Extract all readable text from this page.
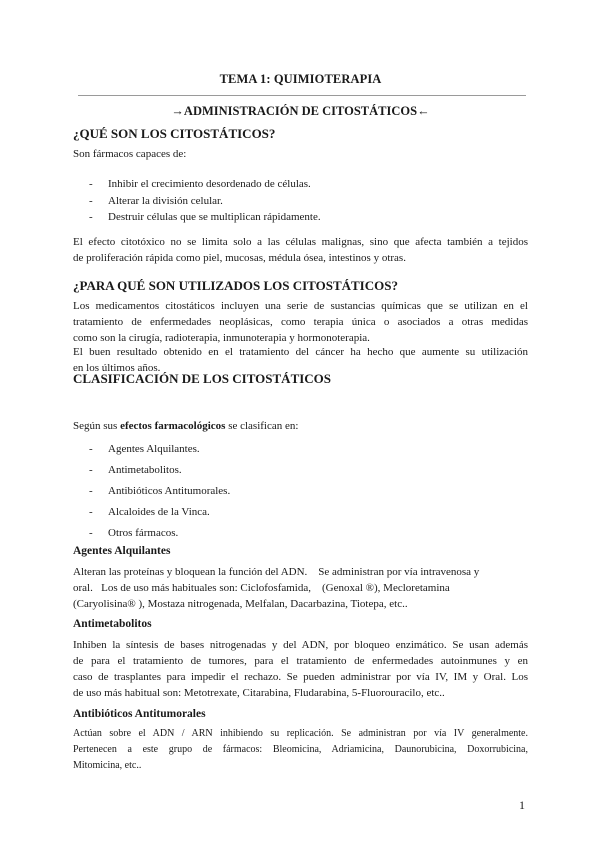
TEMA 1: QUIMIOTERAPIA
→ADMINISTRACIÓN DE CITOSTÁTICOS←
¿QUÉ SON LOS CITOSTÁTICOS?
Son fármacos capaces de:
- Inhibir el crecimiento desordenado de células.
- Alterar la división celular.
- Destruir células que se multiplican rápidamente.
El efecto citotóxico no se limita solo a las células malignas, sino que afecta también a tejidos
de proliferación rápida como piel, mucosas, médula ósea, intestinos y otras.
¿PARA QUÉ SON UTILIZADOS LOS CITOSTÁTICOS?
Los medicamentos citostáticos incluyen una serie de sustancias químicas que se utilizan en el
tratamiento de enfermedades neoplásicas, como terapia única o asociados a otras medidas
como son la cirugía, radioterapia, inmunoterapia y hormonoterapia.
El buen resultado obtenido en el tratamiento del cáncer ha hecho que aumente su utilización
en los últimos años.
CLASIFICACIÓN DE LOS CITOSTÁTICOS
Según sus efectos farmacológicos se clasifican en:
- Agentes Alquilantes.
- Antimetabolitos.
- Antibióticos Antitumorales.
- Alcaloides de la Vinca.
- Otros fármacos.
Agentes Alquilantes
Alteran las proteínas y bloquean la función del ADN.    Se administran por vía intravenosa y
oral.   Los de uso más habituales son: Ciclofosfamida,    (Genoxal ®), Mecloretamina
(Caryolisina® ), Mostaza nitrogenada, Melfalan, Dacarbazina, Tiotepa, etc..
Antimetabolitos
Inhiben la síntesis de bases nitrogenadas y del ADN, por bloqueo enzimático. Se usan además
de para el tratamiento de tumores, para el tratamiento de enfermedades autoinmunes y en
caso de trasplantes para impedir el rechazo. Se pueden administrar por vía IV, IM y Oral. Los
de uso más habitual son: Metotrexate, Citarabina, Fludarabina, 5-Fluorouracilo, etc..
Antibióticos Antitumorales
Actúan sobre el ADN / ARN inhibiendo su replicación. Se administran por vía IV generalmente.
Pertenecen a este grupo de fármacos: Bleomicina, Adriamicina, Daunorubicina, Doxorrubicina,
Mitomicina, etc..
1
